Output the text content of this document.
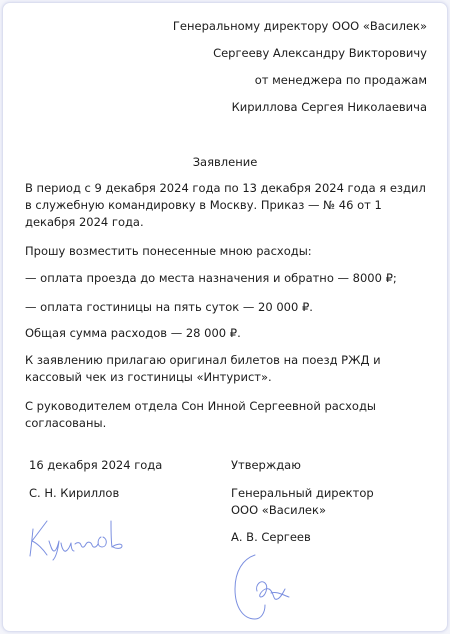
Генеральному директору ООО «Василек»
Сергееву Александру Викторовичу
от менеджера по продажам
Кириллова Сергея Николаевича
Заявление
В период с 9 декабря 2024 года по 13 декабря 2024 года я ездил в служебную командировку в Москву. Приказ — № 46 от 1 декабря 2024 года.
Прошу возместить понесенные мною расходы:
— оплата проезда до места назначения и обратно — 8000 ₽;
— оплата гостиницы на пять суток — 20 000 ₽.
Общая сумма расходов — 28 000 ₽.
К заявлению прилагаю оригинал билетов на поезд РЖД и кассовый чек из гостиницы «Интурист».
С руководителем отдела Сон Инной Сергеевной расходы согласованы.
16 декабря 2024 года
С. Н. Кириллов
Утверждаю
Генеральный директор
ООО «Василек»
А. В. Сергеев
